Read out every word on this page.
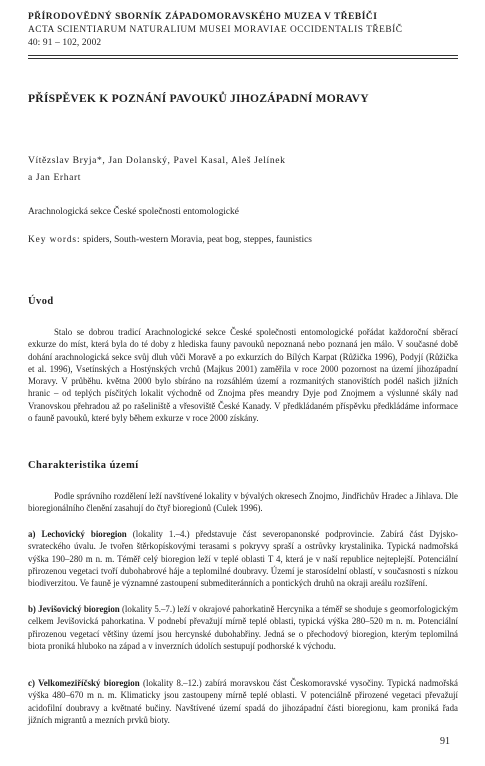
PŘÍRODOVĚDNÝ SBORNÍK ZÁPADOMORAVSKÉHO MUZEA V TŘEBÍČI
ACTA SCIENTIARUM NATURALIUM MUSEI MORAVIAE OCCIDENTALIS TŘEBÍČ
40: 91 – 102, 2002
PŘÍSPĚVEK K POZNÁNÍ PAVOUKŮ JIHOZÁPADNÍ MORAVY
Vítězslav Bryja*, Jan Dolanský, Pavel Kasal, Aleš Jelínek
a Jan Erhart
Arachnologická sekce České společnosti entomologické
Key words: spiders, South-western Moravia, peat bog, steppes, faunistics
Úvod

Stalo se dobrou tradicí Arachnologické sekce České společnosti entomologické pořádat každoroční sběrací exkurze do míst, která byla do té doby z hlediska fauny pavouků nepoznaná nebo poznaná jen málo. V současné době dohání arachnologická sekce svůj dluh vůči Moravě a po exkurzích do Bílých Karpat (Růžička 1996), Podyjí (Růžička et al. 1996), Vsetínských a Hostýnských vrchů (Majkus 2001) zaměřila v roce 2000 pozornost na území jihozápadní Moravy. V průběhu. května 2000 bylo sbíráno na rozsáhlém území a rozmanitých stanovištích podél našich jižních hranic – od teplých písčitých lokalit východně od Znojma přes meandry Dyje pod Znojmem a výslunné skály nad Vranovskou přehradou až po rašeliniště a vřesoviště České Kanady. V předkládaném příspěvku předkládáme informace o fauně pavouků, které byly během exkurze v roce 2000 získány.

Charakteristika území

Podle správního rozdělení leží navštívené lokality v bývalých okresech Znojmo, Jindřichův Hradec a Jihlava. Dle bioregionálního členění zasahují do čtyř bioregionů (Culek 1996).

a) Lechovický bioregion (lokality 1.–4.) představuje část severopanonské podprovincie. Zabírá část Dyjsko-svrateckého úvalu. Je tvořen štěrkopískovými terasami s pokryvy spraší a ostrůvky krystalinika. Typická nadmořská výška 190–280 m n. m. Téměř celý bioregion leží v teplé oblasti T 4, která je v naší republice nejteplejší. Potenciální přirozenou vegetaci tvoří dubohabrové háje a teplomilné doubravy. Území je starosídelní oblastí, v současnosti s nízkou biodiverzitou. Ve fauně je významné zastoupení submediteránních a pontických druhů na okraji areálu rozšíření.

b) Jevišovický bioregion (lokality 5.–7.) leží v okrajové pahorkatině Hercynika a téměř se shoduje s geomorfologickým celkem Jevišovická pahorkatina. V podnebí převažují mírně teplé oblasti, typická výška 280–520 m n. m. Potenciální přirozenou vegetací většiny území jsou hercynské dubohabřiny. Jedná se o přechodový bioregion, kterým teplomilná biota proniká hluboko na západ a v inverzních údolích sestupují podhorské k východu.

c) Velkomeziříčský bioregion (lokality 8.–12.) zabírá moravskou část Českomoravské vysočiny. Typická nadmořská výška 480–670 m n. m. Klimaticky jsou zastoupeny mírně teplé oblasti. V potenciálně přirozené vegetaci převažují acidofilní doubravy a květnaté bučiny. Navštívené území spadá do jihozápadní části bioregionu, kam proniká řada jižních migrantů a mezních prvků bioty.

91
